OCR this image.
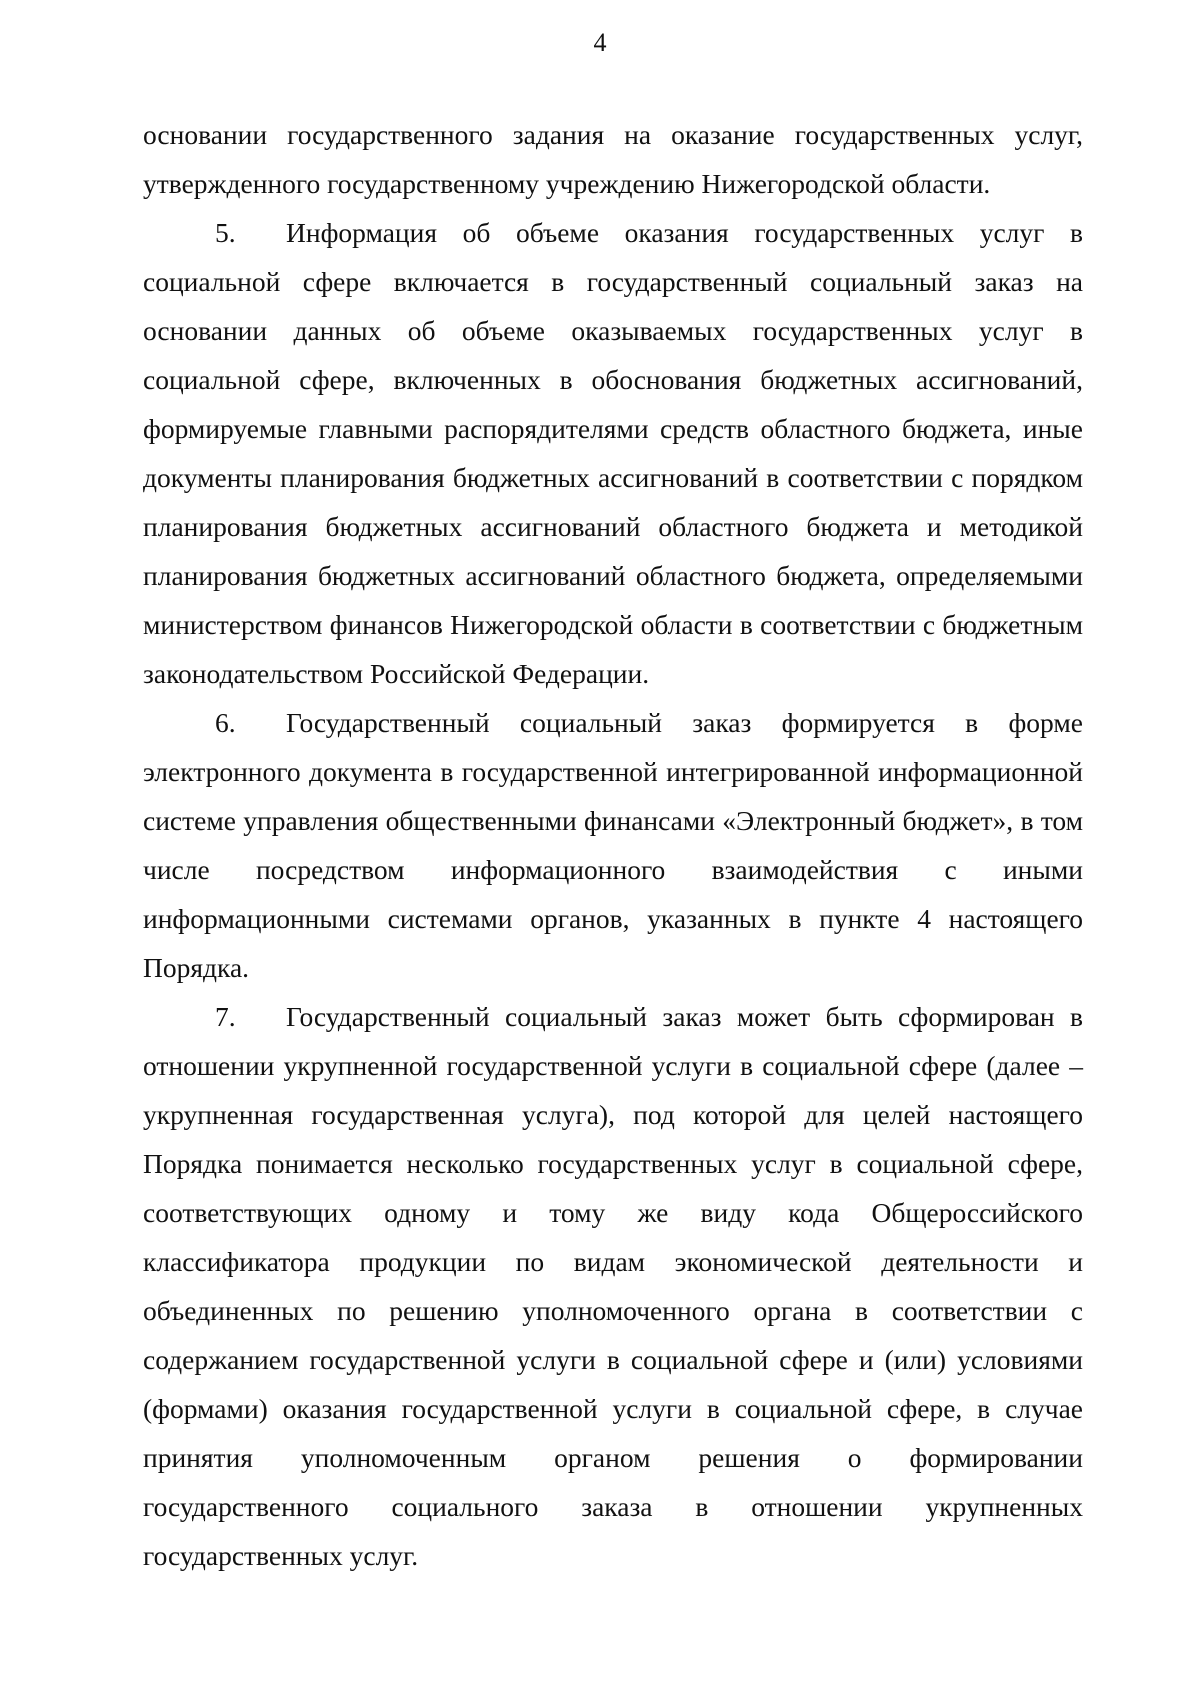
4

основании государственного задания на оказание государственных услуг, утвержденного государственному учреждению Нижегородской области.

5. Информация об объеме оказания государственных услуг в социальной сфере включается в государственный социальный заказ на основании данных об объеме оказываемых государственных услуг в социальной сфере, включенных в обоснования бюджетных ассигнований, формируемые главными распорядителями средств областного бюджета, иные документы планирования бюджетных ассигнований в соответствии с порядком планирования бюджетных ассигнований областного бюджета и методикой планирования бюджетных ассигнований областного бюджета, определяемыми министерством финансов Нижегородской области в соответствии с бюджетным законодательством Российской Федерации.

6. Государственный социальный заказ формируется в форме электронного документа в государственной интегрированной информационной системе управления общественными финансами «Электронный бюджет», в том числе посредством информационного взаимодействия с иными информационными системами органов, указанных в пункте 4 настоящего Порядка.

7. Государственный социальный заказ может быть сформирован в отношении укрупненной государственной услуги в социальной сфере (далее – укрупненная государственная услуга), под которой для целей настоящего Порядка понимается несколько государственных услуг в социальной сфере, соответствующих одному и тому же виду кода Общероссийского классификатора продукции по видам экономической деятельности и объединенных по решению уполномоченного органа в соответствии с содержанием государственной услуги в социальной сфере и (или) условиями (формами) оказания государственной услуги в социальной сфере, в случае принятия уполномоченным органом решения о формировании государственного социального заказа в отношении укрупненных государственных услуг.
